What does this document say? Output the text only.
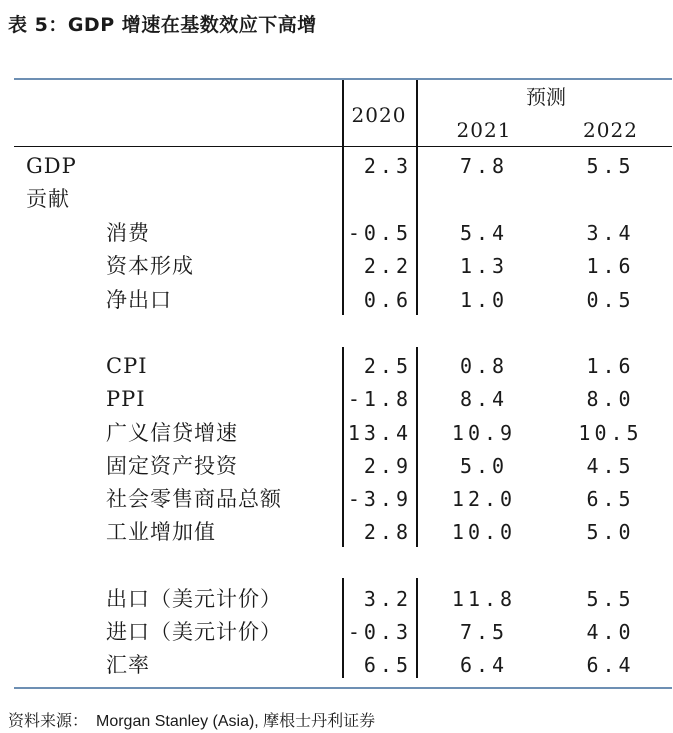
表 5：GDP 增速在基数效应下高增
2020
预测
2021	2022
GDP	2.3	7.8	5.5
贡献
消费	-0.5	5.4	3.4
资本形成	2.2	1.3	1.6
净出口	0.6	1.0	0.5
CPI	2.5	0.8	1.6
PPI	-1.8	8.4	8.0
广义信贷增速	13.4	10.9	10.5
固定资产投资	2.9	5.0	4.5
社会零售商品总额	-3.9	12.0	6.5
工业增加值	2.8	10.0	5.0
出口（美元计价）	3.2	11.8	5.5
进口（美元计价）	-0.3	7.5	4.0
汇率	6.5	6.4	6.4
资料来源：　Morgan Stanley (Asia), 摩根士丹利证券
